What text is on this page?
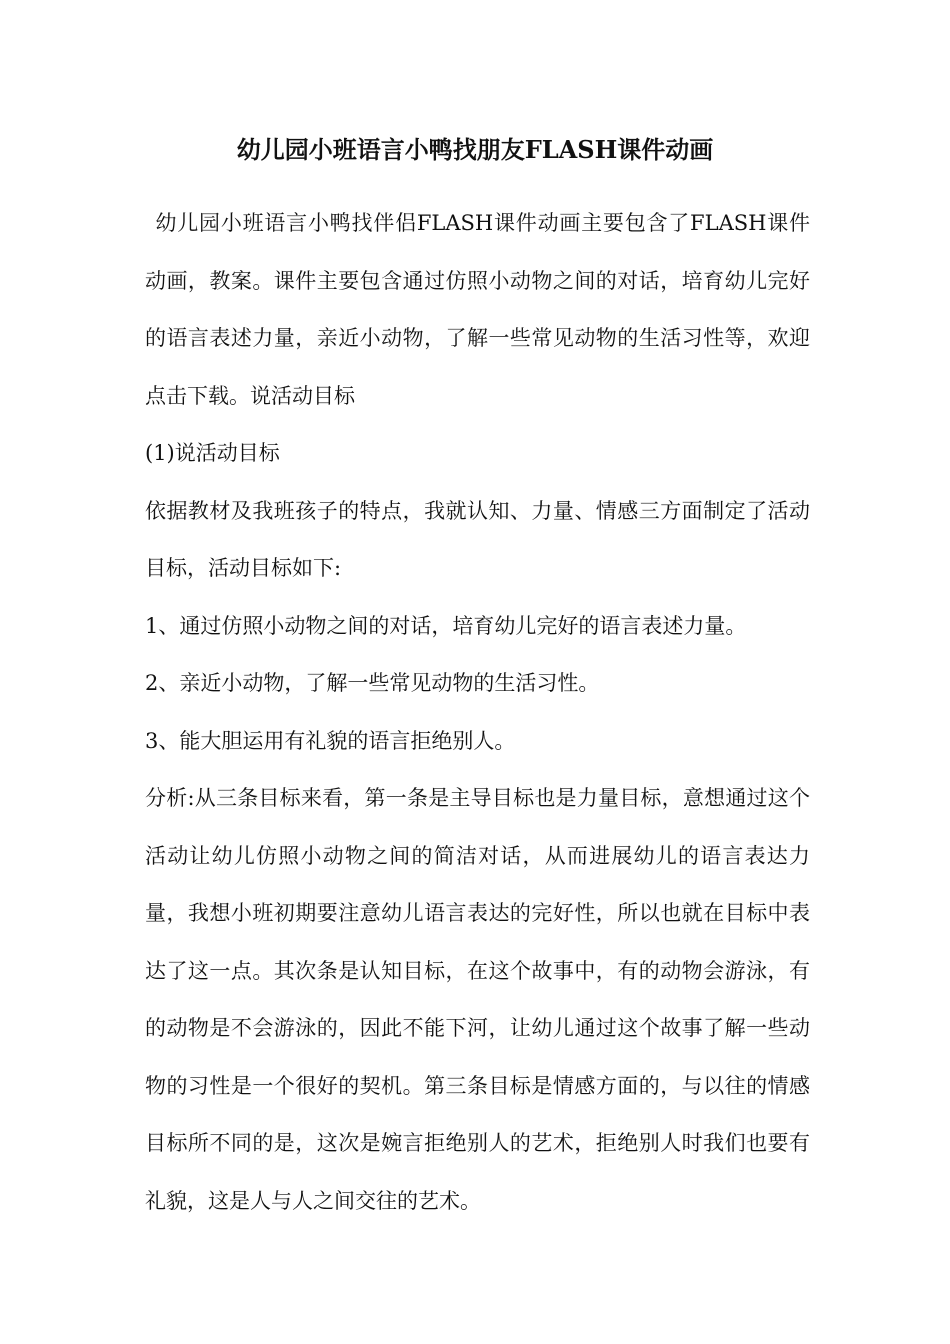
幼儿园小班语言小鸭找朋友FLASH课件动画

幼儿园小班语言小鸭找伴侣FLASH课件动画主要包含了FLASH课件动画，教案。课件主要包含通过仿照小动物之间的对话，培育幼儿完好的语言表述力量，亲近小动物，了解一些常见动物的生活习性等，欢迎点击下载。说活动目标

(1)说活动目标

依据教材及我班孩子的特点，我就认知、力量、情感三方面制定了活动目标，活动目标如下:

1、通过仿照小动物之间的对话，培育幼儿完好的语言表述力量。

2、亲近小动物，了解一些常见动物的生活习性。

3、能大胆运用有礼貌的语言拒绝别人。

分析:从三条目标来看，第一条是主导目标也是力量目标，意想通过这个活动让幼儿仿照小动物之间的简洁对话，从而进展幼儿的语言表达力量，我想小班初期要注意幼儿语言表达的完好性，所以也就在目标中表达了这一点。其次条是认知目标，在这个故事中，有的动物会游泳，有的动物是不会游泳的，因此不能下河，让幼儿通过这个故事了解一些动物的习性是一个很好的契机。第三条目标是情感方面的，与以往的情感目标所不同的是，这次是婉言拒绝别人的艺术，拒绝别人时我们也要有礼貌，这是人与人之间交往的艺术。
